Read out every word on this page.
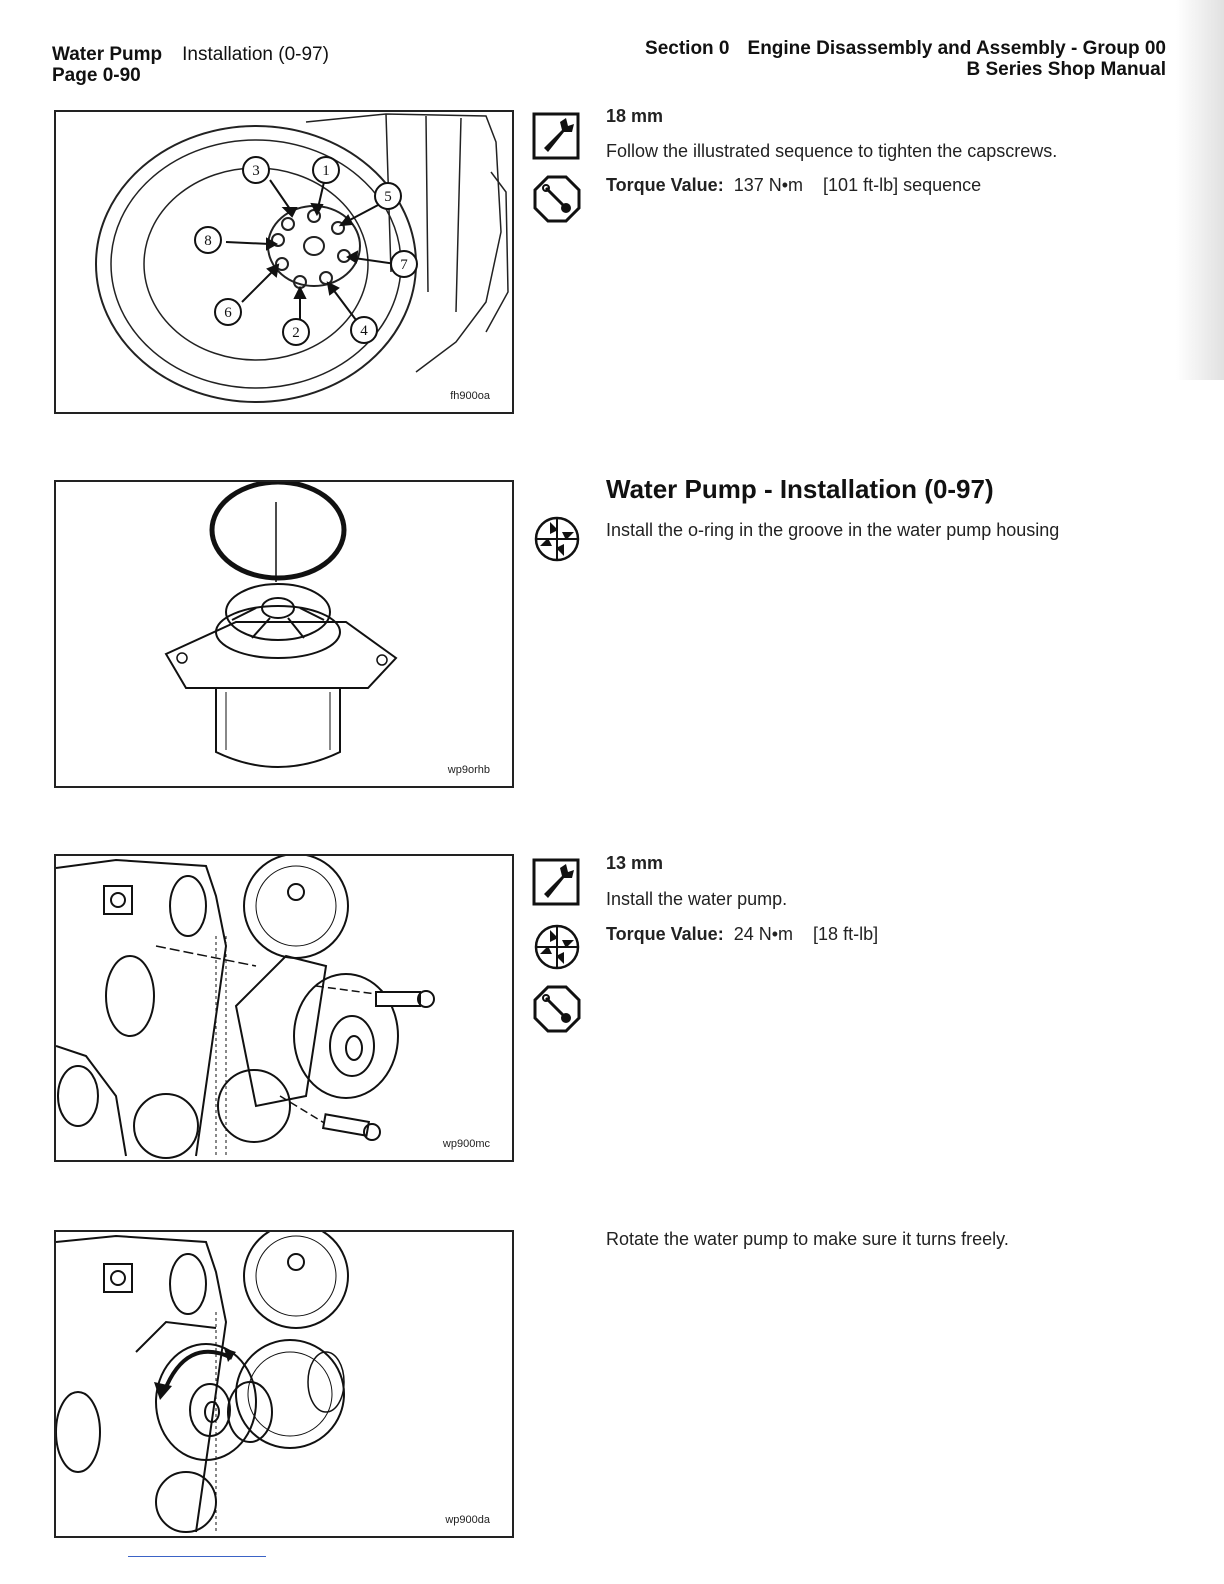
Water Pump Installation (0-97)
Page 0-90
Section 0 Engine Disassembly and Assembly - Group 00
B Series Shop Manual
3	1
5
8
7
6
2	4
fh900oa
18 mm
Follow the illustrated sequence to tighten the capscrews.
Torque Value: 137 N•m [101 ft-lb] sequence
wp9orhb
Water Pump - Installation (0-97)
Install the o-ring in the groove in the water pump housing
wp900mc
13 mm
Install the water pump.
Torque Value: 24 N•m [18 ft-lb]
wp900da
Rotate the water pump to make sure it turns freely.
